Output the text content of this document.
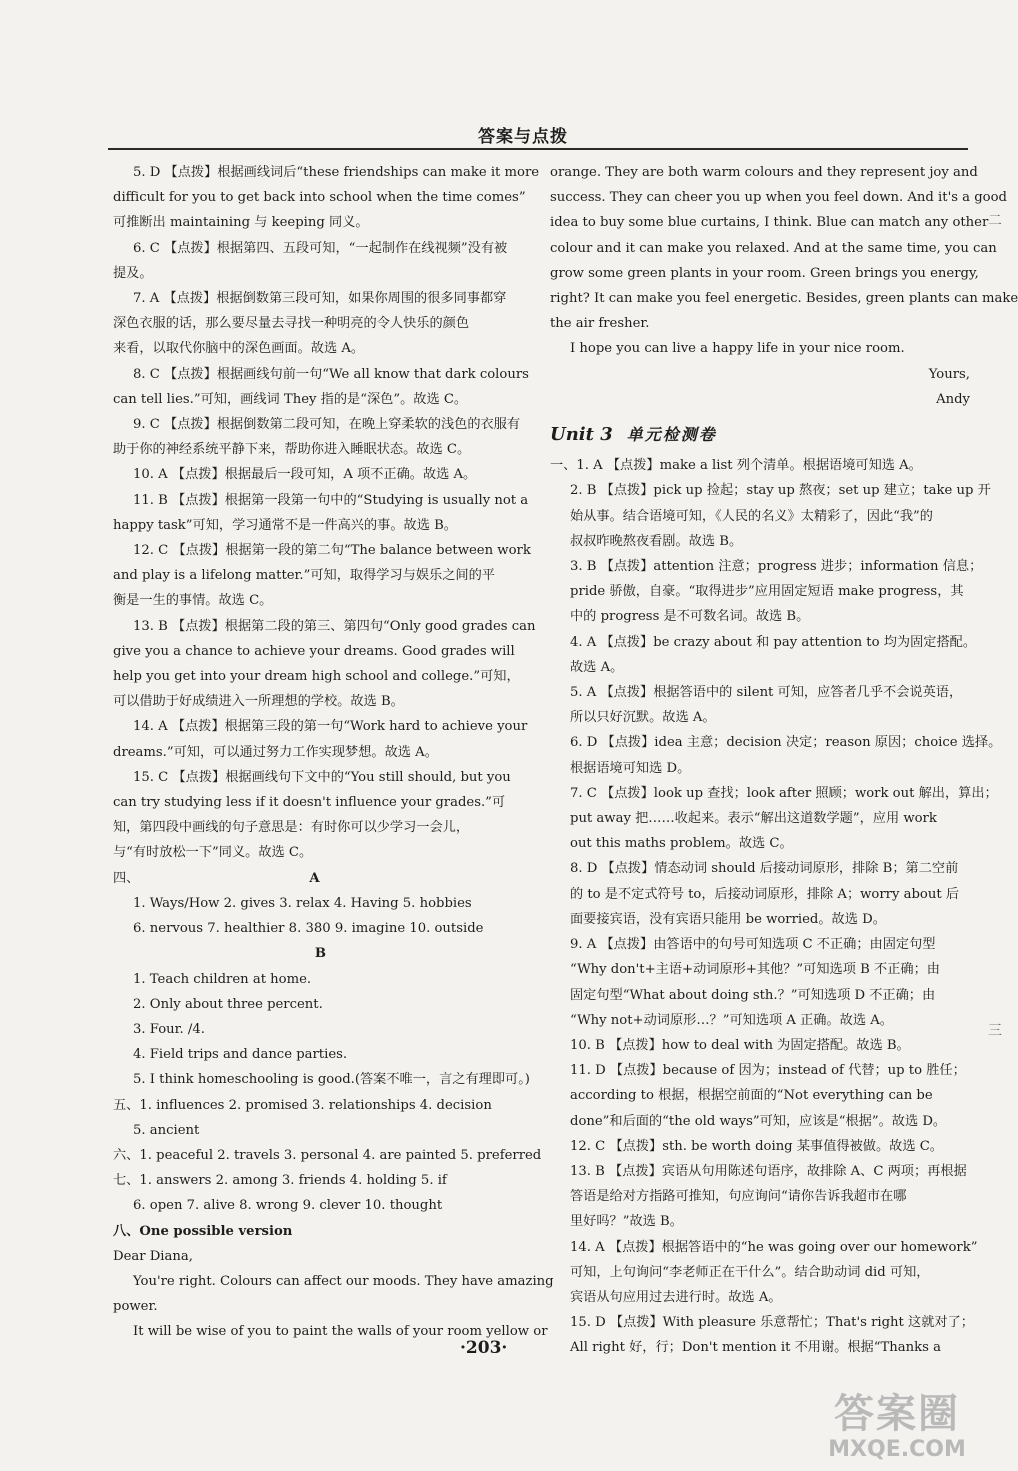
答案与点拨

5. D 【点拨】根据画线词后“these friendships can make it more

difficult for you to get back into school when the time comes”

可推断出 maintaining 与 keeping 同义。

6. C 【点拨】根据第四、五段可知，“一起制作在线视频”没有被

提及。

7. A 【点拨】根据倒数第三段可知，如果你周围的很多同事都穿

深色衣服的话，那么要尽量去寻找一种明亮的令人快乐的颜色

来看，以取代你脑中的深色画面。故选 A。

8. C 【点拨】根据画线句前一句“We all know that dark colours

can tell lies.”可知，画线词 They 指的是“深色”。故选 C。

9. C 【点拨】根据倒数第二段可知，在晚上穿柔软的浅色的衣服有

助于你的神经系统平静下来，帮助你进入睡眠状态。故选 C。

10. A 【点拨】根据最后一段可知，A 项不正确。故选 A。

11. B 【点拨】根据第一段第一句中的“Studying is usually not a

happy task”可知，学习通常不是一件高兴的事。故选 B。

12. C 【点拨】根据第一段的第二句“The balance between work

and play is a lifelong matter.”可知，取得学习与娱乐之间的平

衡是一生的事情。故选 C。

13. B 【点拨】根据第二段的第三、第四句“Only good grades can

give you a chance to achieve your dreams. Good grades will

help you get into your dream high school and college.”可知，

可以借助于好成绩进入一所理想的学校。故选 B。

14. A 【点拨】根据第三段的第一句“Work hard to achieve your

dreams.”可知，可以通过努力工作实现梦想。故选 A。

15. C 【点拨】根据画线句下文中的“You still should, but you

can try studying less if it doesn't influence your grades.”可

知，第四段中画线的句子意思是：有时你可以少学习一会儿，

与“有时放松一下”同义。故选 C。

四、	A

1. Ways/How 2. gives 3. relax 4. Having 5. hobbies

6. nervous 7. healthier 8. 380 9. imagine 10. outside

B

1. Teach children at home.

2. Only about three percent.

3. Four. /4.

4. Field trips and dance parties.

5. I think homeschooling is good.(答案不唯一，言之有理即可。)

五、1. influences 2. promised 3. relationships 4. decision

5. ancient

六、1. peaceful 2. travels 3. personal 4. are painted 5. preferred

七、1. answers 2. among 3. friends 4. holding 5. if

6. open 7. alive 8. wrong 9. clever 10. thought

八、One possible version

Dear Diana,

You're right. Colours can affect our moods. They have amazing

power.

It will be wise of you to paint the walls of your room yellow or

orange. They are both warm colours and they represent joy and

success. They can cheer you up when you feel down. And it's a good

idea to buy some blue curtains, I think. Blue can match any other

colour and it can make you relaxed. And at the same time, you can

grow some green plants in your room. Green brings you energy,

right? It can make you feel energetic. Besides, green plants can make

the air fresher.

I hope you can live a happy life in your nice room.

Yours,

Andy

Unit 3 单元检测卷

一、1. A 【点拨】make a list 列个清单。根据语境可知选 A。

2. B 【点拨】pick up 捡起；stay up 熬夜；set up 建立；take up 开

始从事。结合语境可知，《人民的名义》太精彩了，因此“我”的

叔叔昨晚熬夜看剧。故选 B。

3. B 【点拨】attention 注意；progress 进步；information 信息；

pride 骄傲，自豪。“取得进步”应用固定短语 make progress，其

中的 progress 是不可数名词。故选 B。

4. A 【点拨】be crazy about 和 pay attention to 均为固定搭配。

故选 A。

5. A 【点拨】根据答语中的 silent 可知，应答者几乎不会说英语，

所以只好沉默。故选 A。

6. D 【点拨】idea 主意；decision 决定；reason 原因；choice 选择。

根据语境可知选 D。

7. C 【点拨】look up 查找；look after 照顾；work out 解出，算出；

put away 把……收起来。表示“解出这道数学题”，应用 work

out this maths problem。故选 C。

8. D 【点拨】情态动词 should 后接动词原形，排除 B；第二空前

的 to 是不定式符号 to，后接动词原形，排除 A；worry about 后

面要接宾语，没有宾语只能用 be worried。故选 D。

9. A 【点拨】由答语中的句号可知选项 C 不正确；由固定句型

“Why don't+主语+动词原形+其他？”可知选项 B 不正确；由

固定句型“What about doing sth.？”可知选项 D 不正确；由

“Why not+动词原形…？”可知选项 A 正确。故选 A。

10. B 【点拨】how to deal with 为固定搭配。故选 B。

11. D 【点拨】because of 因为；instead of 代替；up to 胜任；

according to 根据，根据空前面的“Not everything can be

done”和后面的“the old ways”可知，应该是“根据”。故选 D。

12. C 【点拨】sth. be worth doing 某事值得被做。故选 C。

13. B 【点拨】宾语从句用陈述句语序，故排除 A、C 两项；再根据

答语是给对方指路可推知，句应询问“请你告诉我超市在哪

里好吗？”故选 B。

14. A 【点拨】根据答语中的“he was going over our homework”

可知，上句询问“李老师正在干什么”。结合助动词 did 可知，

宾语从句应用过去进行时。故选 A。

15. D 【点拨】With pleasure 乐意帮忙；That's right 这就对了；

All right 好，行；Don't mention it 不用谢。根据“Thanks a

·203·
二
三
答案圈
MXQE.COM
